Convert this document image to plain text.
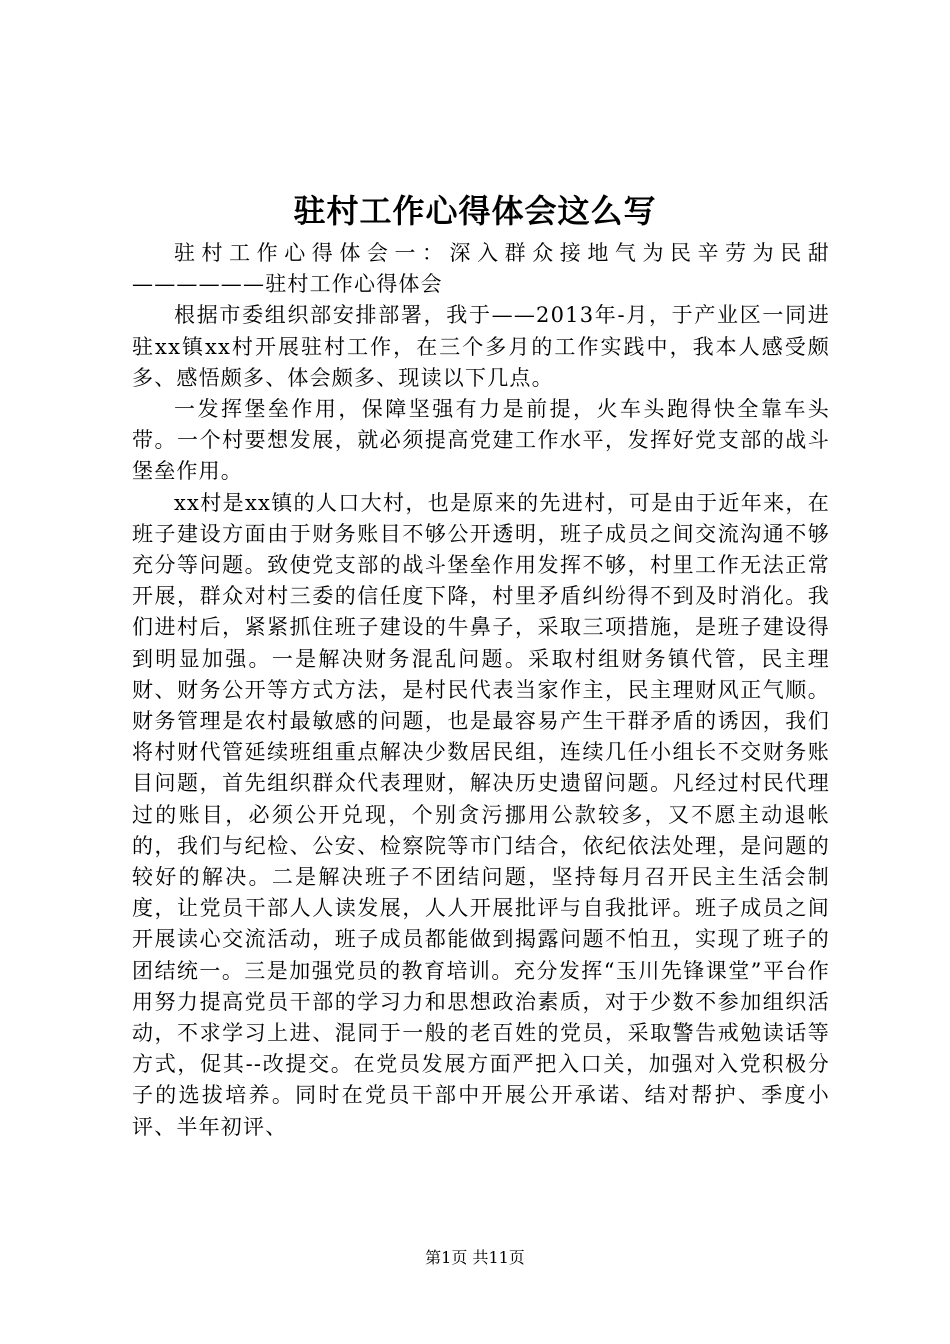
驻村工作心得体会这么写

驻村工作心得体会一：深入群众接地气为民辛劳为民甜——————驻村工作心得体会

根据市委组织部安排部署，我于——2013年-月，于产业区一同进驻xx镇xx村开展驻村工作，在三个多月的工作实践中，我本人感受颇多、感悟颇多、体会颇多、现读以下几点。

一发挥堡垒作用，保障坚强有力是前提，火车头跑得快全靠车头带。一个村要想发展，就必须提高党建工作水平，发挥好党支部的战斗堡垒作用。

xx村是xx镇的人口大村，也是原来的先进村，可是由于近年来，在班子建设方面由于财务账目不够公开透明，班子成员之间交流沟通不够充分等问题。致使党支部的战斗堡垒作用发挥不够，村里工作无法正常开展，群众对村三委的信任度下降，村里矛盾纠纷得不到及时消化。我们进村后，紧紧抓住班子建设的牛鼻子，采取三项措施，是班子建设得到明显加强。一是解决财务混乱问题。采取村组财务镇代管，民主理财、财务公开等方式方法，是村民代表当家作主，民主理财风正气顺。财务管理是农村最敏感的问题，也是最容易产生干群矛盾的诱因，我们将村财代管延续班组重点解决少数居民组，连续几任小组长不交财务账目问题，首先组织群众代表理财，解决历史遗留问题。凡经过村民代理过的账目，必须公开兑现，个别贪污挪用公款较多，又不愿主动退帐的，我们与纪检、公安、检察院等市门结合，依纪依法处理，是问题的较好的解决。二是解决班子不团结问题，坚持每月召开民主生活会制度，让党员干部人人读发展，人人开展批评与自我批评。班子成员之间开展读心交流活动，班子成员都能做到揭露问题不怕丑，实现了班子的团结统一。三是加强党员的教育培训。充分发挥“玉川先锋课堂”平台作用努力提高党员干部的学习力和思想政治素质，对于少数不参加组织活动，不求学习上进、混同于一般的老百姓的党员，采取警告戒勉读话等方式，促其--改提交。在党员发展方面严把入口关，加强对入党积极分子的选拔培养。同时在党员干部中开展公开承诺、结对帮护、季度小评、半年初评、

第1页 共11页
